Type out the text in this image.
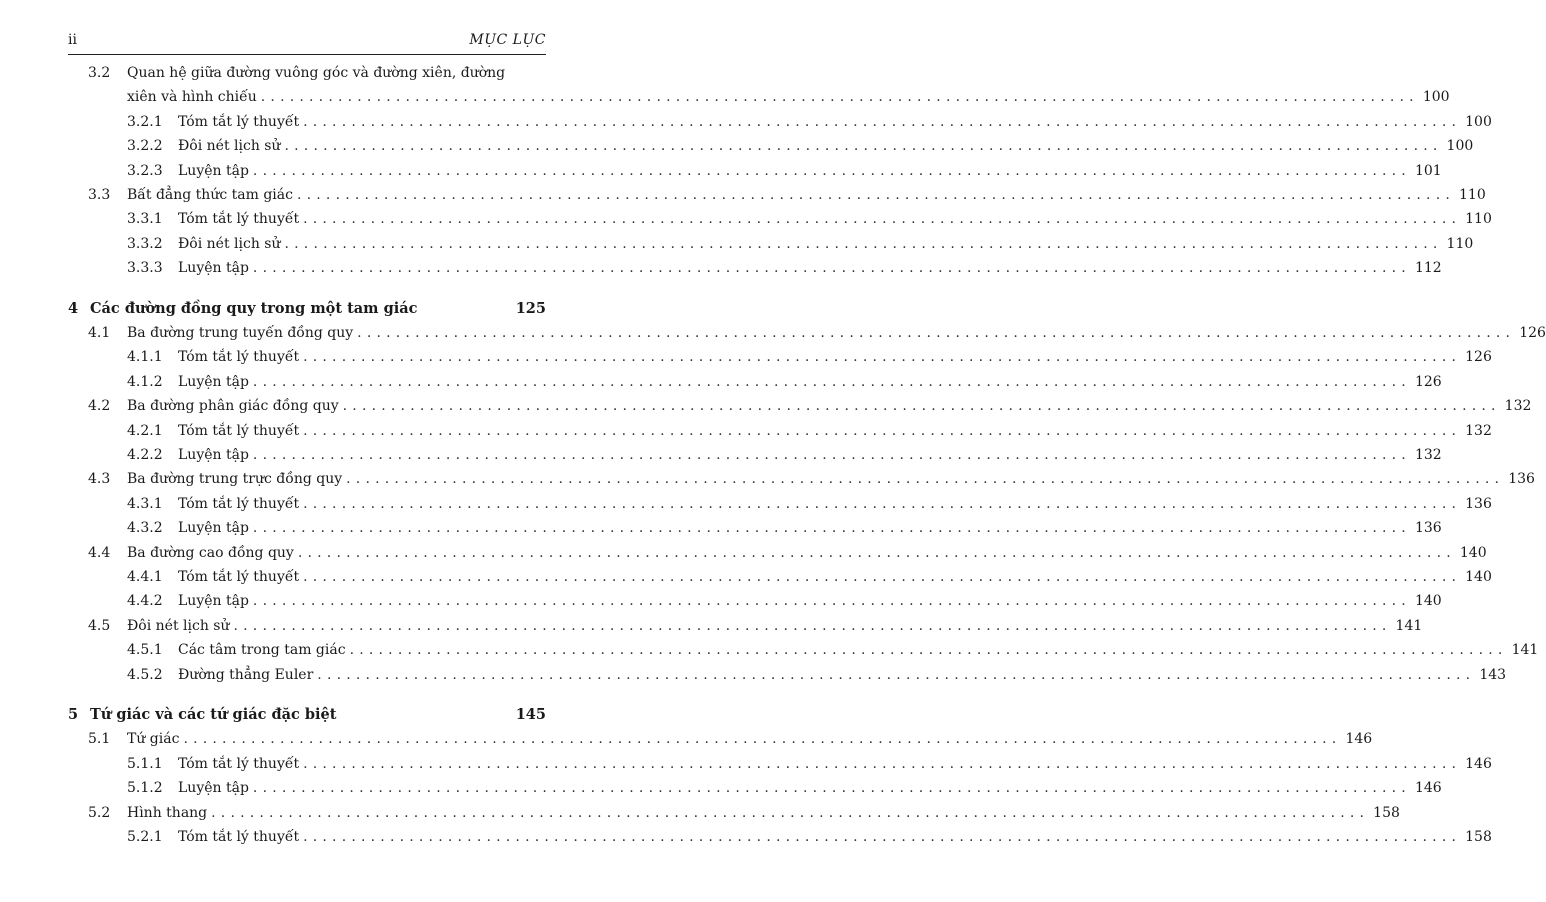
ii	MỤC LỤC
3.2 Quan hệ giữa đường vuông góc và đường xiên, đường
xiên và hình chiếu ........................................................................................................................ 100
3.2.1 Tóm tắt lý thuyết ........................................................................................................................ 100
3.2.2 Đôi nét lịch sử ........................................................................................................................ 100
3.2.3 Luyện tập ........................................................................................................................ 101
3.3 Bất đẳng thức tam giác ........................................................................................................................ 110
3.3.1 Tóm tắt lý thuyết ........................................................................................................................ 110
3.3.2 Đôi nét lịch sử ........................................................................................................................ 110
3.3.3 Luyện tập ........................................................................................................................ 112
4 Các đường đồng quy trong một tam giác	125
4.1 Ba đường trung tuyến đồng quy ........................................................................................................................ 126
4.1.1 Tóm tắt lý thuyết ........................................................................................................................ 126
4.1.2 Luyện tập ........................................................................................................................ 126
4.2 Ba đường phân giác đồng quy ........................................................................................................................ 132
4.2.1 Tóm tắt lý thuyết ........................................................................................................................ 132
4.2.2 Luyện tập ........................................................................................................................ 132
4.3 Ba đường trung trực đồng quy ........................................................................................................................ 136
4.3.1 Tóm tắt lý thuyết ........................................................................................................................ 136
4.3.2 Luyện tập ........................................................................................................................ 136
4.4 Ba đường cao đồng quy ........................................................................................................................ 140
4.4.1 Tóm tắt lý thuyết ........................................................................................................................ 140
4.4.2 Luyện tập ........................................................................................................................ 140
4.5 Đôi nét lịch sử ........................................................................................................................ 141
4.5.1 Các tâm trong tam giác ........................................................................................................................ 141
4.5.2 Đường thẳng Euler ........................................................................................................................ 143
5 Tứ giác và các tứ giác đặc biệt	145
5.1 Tứ giác ........................................................................................................................ 146
5.1.1 Tóm tắt lý thuyết ........................................................................................................................ 146
5.1.2 Luyện tập ........................................................................................................................ 146
5.2 Hình thang ........................................................................................................................ 158
5.2.1 Tóm tắt lý thuyết ........................................................................................................................ 158
